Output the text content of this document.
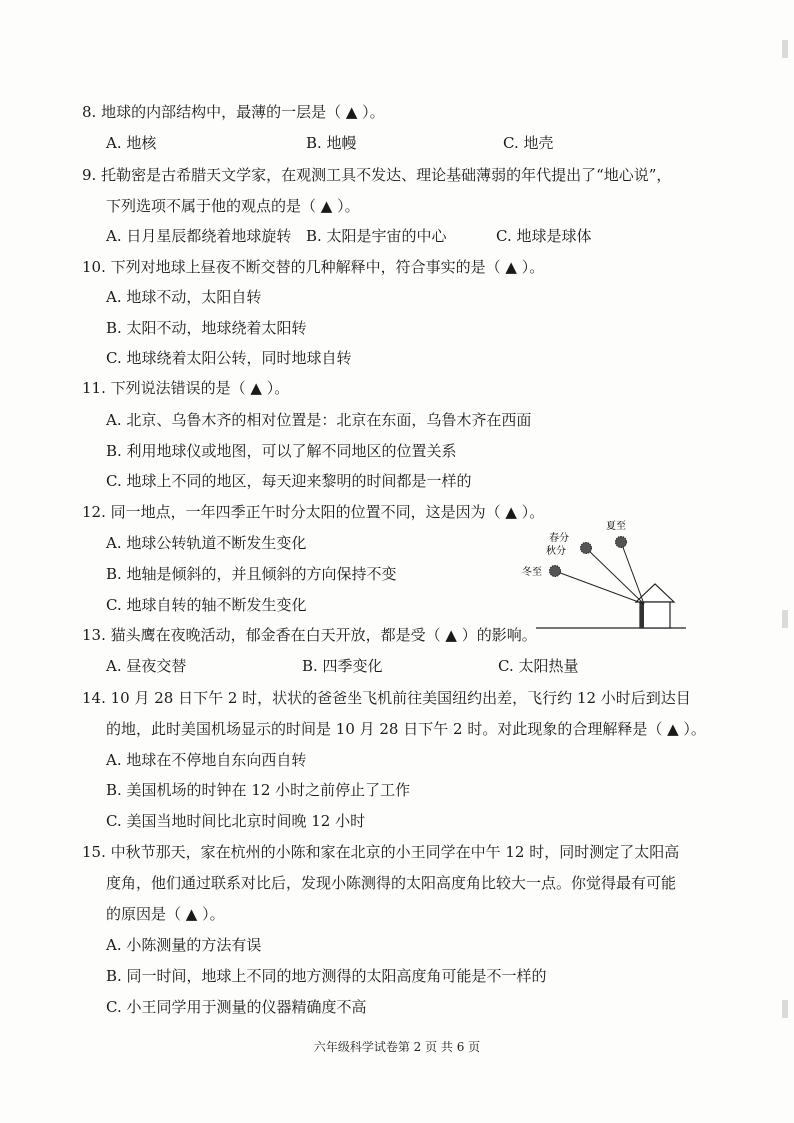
8. 地球的内部结构中，最薄的一层是（ ▲ ）。
A. 地核	B. 地幔	C. 地壳
9. 托勒密是古希腊天文学家，在观测工具不发达、理论基础薄弱的年代提出了“地心说”，
下列选项不属于他的观点的是（ ▲ ）。
A. 日月星辰都绕着地球旋转 B. 太阳是宇宙的中心	C. 地球是球体
10. 下列对地球上昼夜不断交替的几种解释中，符合事实的是（ ▲ ）。
A. 地球不动，太阳自转
B. 太阳不动，地球绕着太阳转
C. 地球绕着太阳公转，同时地球自转
11. 下列说法错误的是（ ▲ ）。
A. 北京、乌鲁木齐的相对位置是：北京在东面，乌鲁木齐在西面
B. 利用地球仪或地图，可以了解不同地区的位置关系
C. 地球上不同的地区，每天迎来黎明的时间都是一样的
12. 同一地点，一年四季正午时分太阳的位置不同，这是因为（ ▲ ）。
A. 地球公转轨道不断发生变化
B. 地轴是倾斜的，并且倾斜的方向保持不变
C. 地球自转的轴不断发生变化
夏至
春分
秋分
冬至
13. 猫头鹰在夜晚活动，郁金香在白天开放，都是受（ ▲ ）的影响。
A. 昼夜交替	B. 四季变化	C. 太阳热量
14. 10 月 28 日下午 2 时，状状的爸爸坐飞机前往美国纽约出差，飞行约 12 小时后到达目
的地，此时美国机场显示的时间是 10 月 28 日下午 2 时。对此现象的合理解释是（ ▲ ）。
A. 地球在不停地自东向西自转
B. 美国机场的时钟在 12 小时之前停止了工作
C. 美国当地时间比北京时间晚 12 小时
15. 中秋节那天，家在杭州的小陈和家在北京的小王同学在中午 12 时，同时测定了太阳高
度角，他们通过联系对比后，发现小陈测得的太阳高度角比较大一点。你觉得最有可能
的原因是（ ▲ ）。
A. 小陈测量的方法有误
B. 同一时间，地球上不同的地方测得的太阳高度角可能是不一样的
C. 小王同学用于测量的仪器精确度不高
六年级科学试卷第 2 页 共 6 页
